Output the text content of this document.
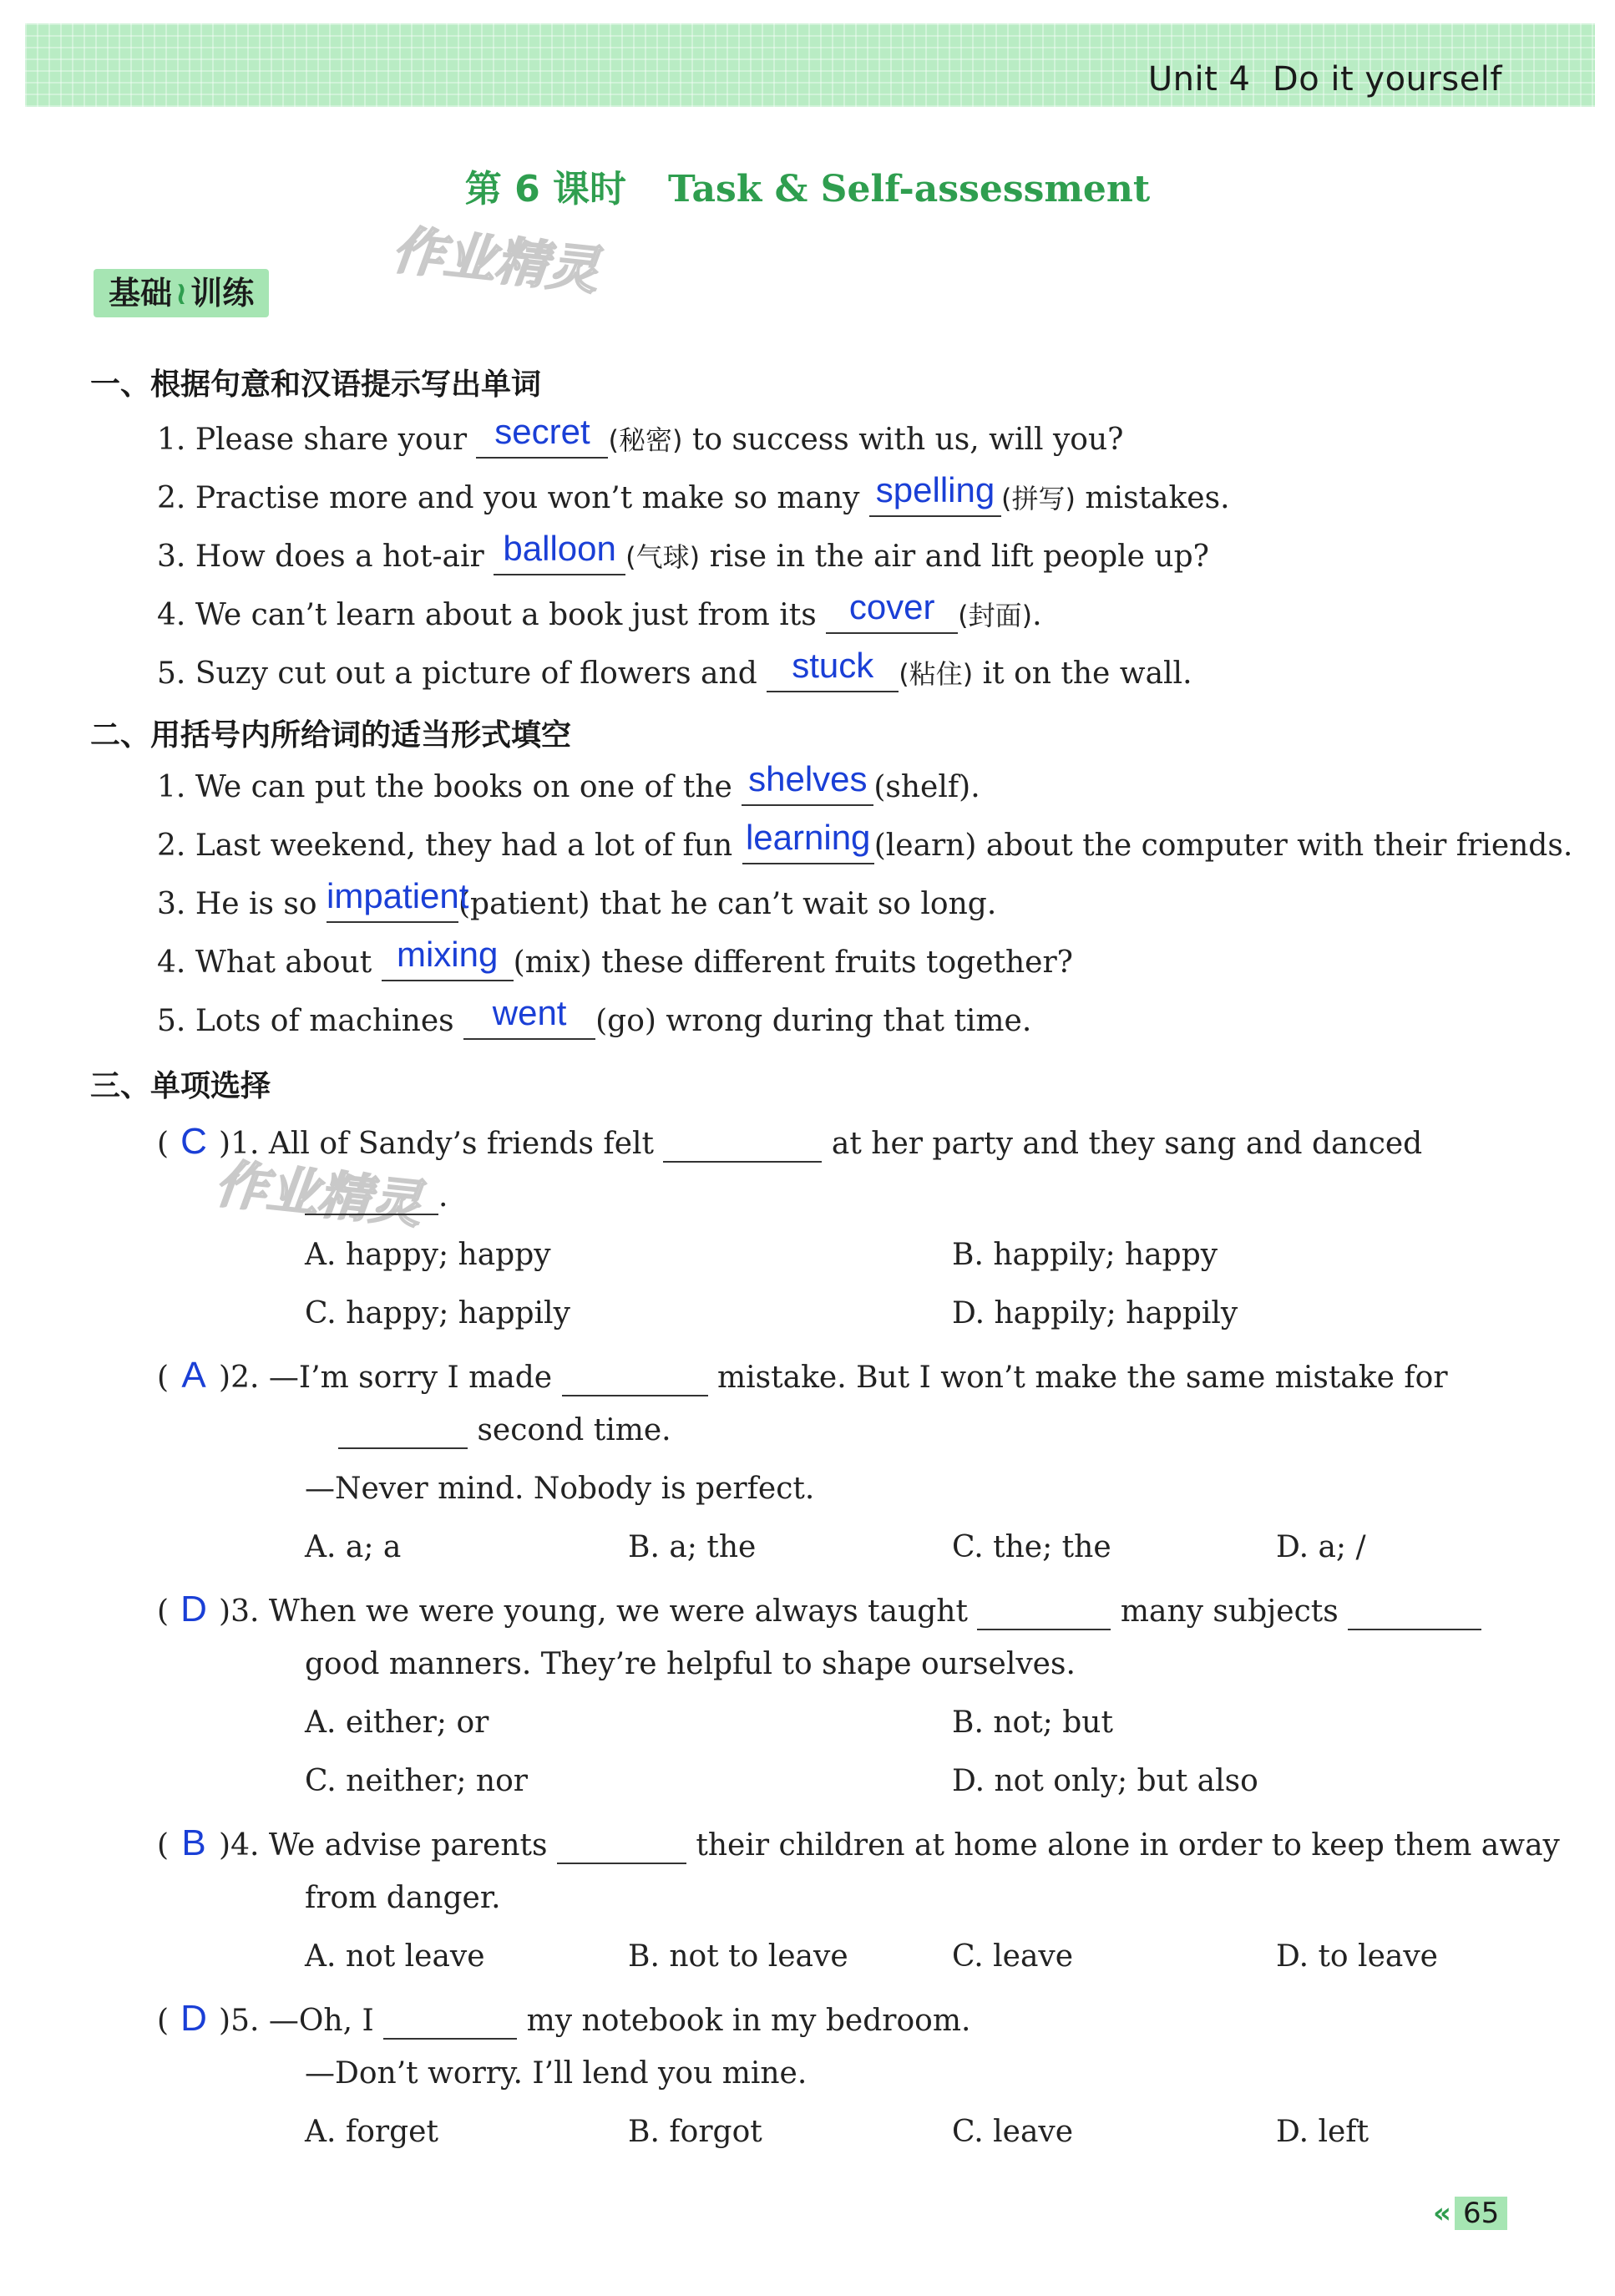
Unit 4 Do it yourself
第 6 课时 Task & Self-assessment
作业精灵
作业精灵
基础 ≀ 训练
一、根据句意和汉语提示写出单词
1. Please share your secret (秘密) to success with us, will you?
2. Practise more and you won’t make so many spelling (拼写) mistakes.
3. How does a hot-air balloon (气球) rise in the air and lift people up?
4. We can’t learn about a book just from its cover (封面).
5. Suzy cut out a picture of flowers and stuck (粘住) it on the wall.
二、用括号内所给词的适当形式填空
1. We can put the books on one of the shelves (shelf).
2. Last weekend, they had a lot of fun learning (learn) about the computer with their friends.
3. He is so impatient
(patient) that he can’t wait so long.
4. What about mixing (mix) these different fruits together?
5. Lots of machines	went (go) wrong during that time.
三、单项选择
( C )1. All of Sandy’s friends felt	at her party and they sang and danced
.
A. happy; happy	B. happily; happy
C. happy; happily	D. happily; happily
( A )2. —I’m sorry I made	mistake. But I won’t make the same mistake for
second time.
—Never mind. Nobody is perfect.
A. a; a	B. a; the	C. the; the	D. a; /
( D )3. When we were young, we were always taught	many subjects
good manners. They’re helpful to shape ourselves.
A. either; or	B. not; but
C. neither; nor	D. not only; but also
( B )4. We advise parents	their children at home alone in order to keep them away
from danger.
A. not leave	B. not to leave	C. leave	D. to leave
( D )5. —Oh, I	my notebook in my bedroom.
—Don’t worry. I’ll lend you mine.
A. forget	B. forgot	C. leave	D. left
« 65
